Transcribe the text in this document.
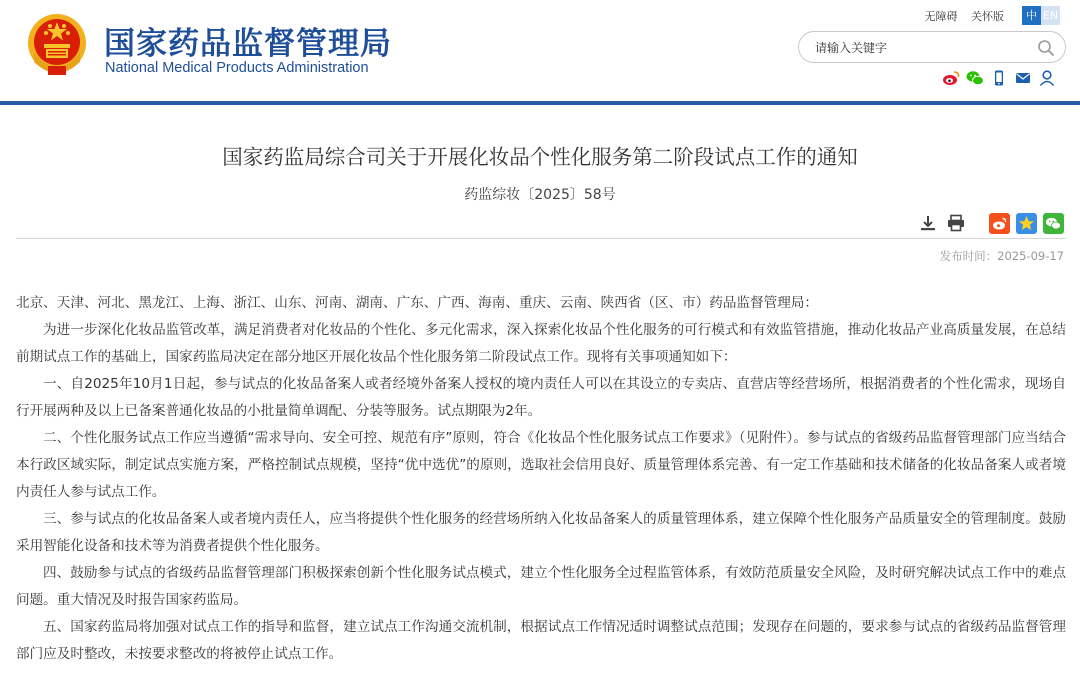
国家药品监督管理局
National Medical Products Administration
无障碍 关怀版	中 EN
请输入关键字
国家药监局综合司关于开展化妆品个性化服务第二阶段试点工作的通知
药监综妆〔2025〕58号
发布时间：2025-09-17

北京、天津、河北、黑龙江、上海、浙江、山东、河南、湖南、广东、广西、海南、重庆、云南、陕西省（区、市）药品监督管理局：

为进一步深化化妆品监管改革，满足消费者对化妆品的个性化、多元化需求，深入探索化妆品个性化服务的可行模式和有效监管措施，推动化妆品产业高质量发展，在总结前期试点工作的基础上，国家药监局决定在部分地区开展化妆品个性化服务第二阶段试点工作。现将有关事项通知如下：

一、自2025年10月1日起，参与试点的化妆品备案人或者经境外备案人授权的境内责任人可以在其设立的专卖店、直营店等经营场所，根据消费者的个性化需求，现场自行开展两种及以上已备案普通化妆品的小批量简单调配、分装等服务。试点期限为2年。

二、个性化服务试点工作应当遵循“需求导向、安全可控、规范有序”原则，符合《化妆品个性化服务试点工作要求》（见附件）。参与试点的省级药品监督管理部门应当结合本行政区域实际，制定试点实施方案，严格控制试点规模，坚持“优中选优”的原则，选取社会信用良好、质量管理体系完善、有一定工作基础和技术储备的化妆品备案人或者境内责任人参与试点工作。

三、参与试点的化妆品备案人或者境内责任人，应当将提供个性化服务的经营场所纳入化妆品备案人的质量管理体系，建立保障个性化服务产品质量安全的管理制度。鼓励采用智能化设备和技术等为消费者提供个性化服务。

四、鼓励参与试点的省级药品监督管理部门积极探索创新个性化服务试点模式，建立个性化服务全过程监管体系，有效防范质量安全风险，及时研究解决试点工作中的难点问题。重大情况及时报告国家药监局。

五、国家药监局将加强对试点工作的指导和监督，建立试点工作沟通交流机制，根据试点工作情况适时调整试点范围；发现存在问题的，要求参与试点的省级药品监督管理部门应及时整改，未按要求整改的将被停止试点工作。
